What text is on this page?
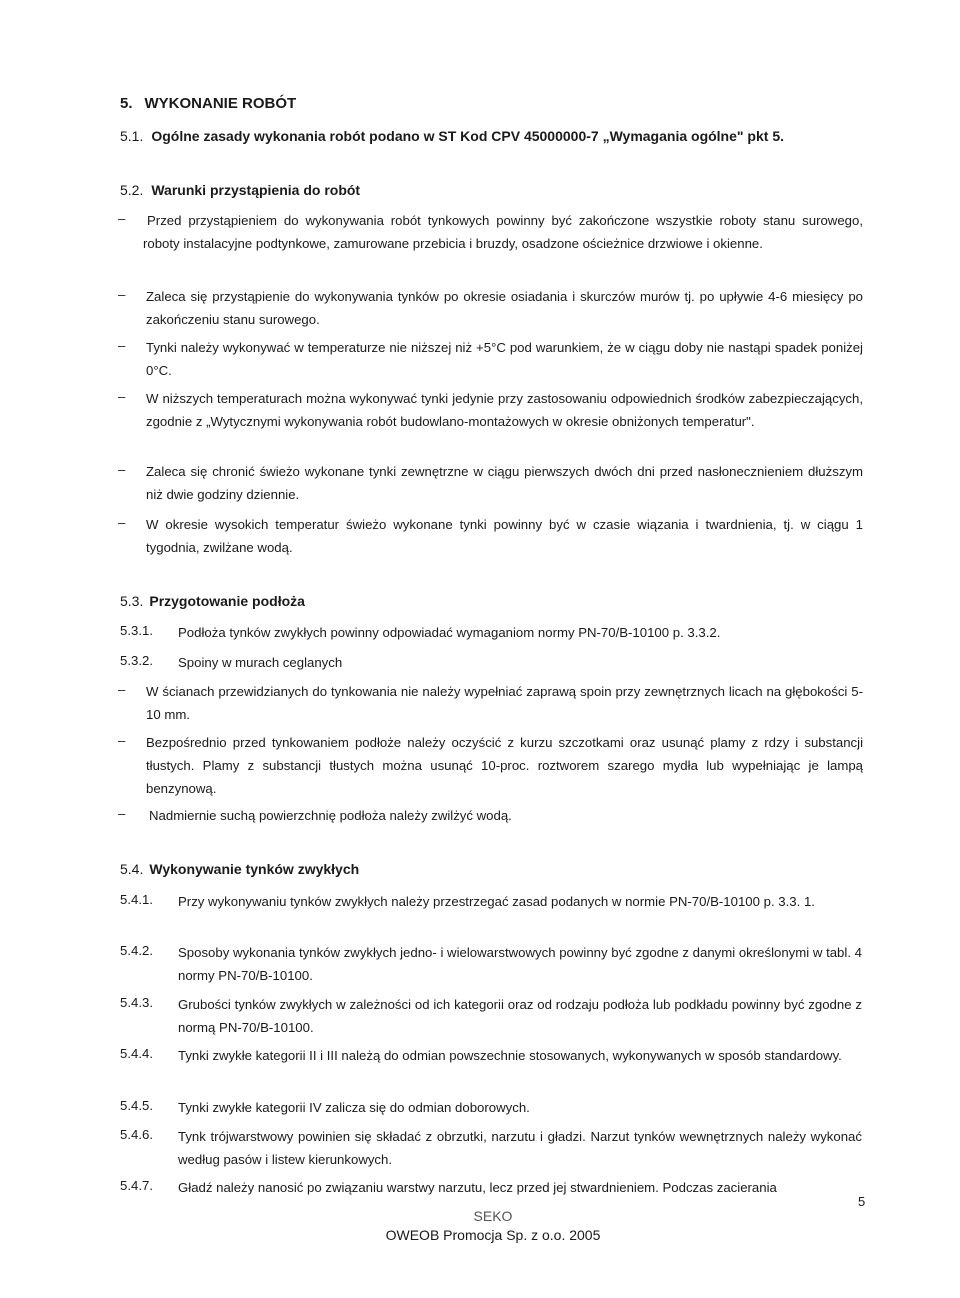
5. WYKONANIE ROBÓT
5.1. Ogólne zasady wykonania robót podano w ST Kod CPV 45000000-7 „Wymagania ogólne" pkt 5.
5.2. Warunki przystąpienia do robót
–	Przed przystąpieniem do wykonywania robót tynkowych powinny być zakończone wszystkie roboty stanu surowego, roboty instalacyjne podtynkowe, zamurowane przebicia i bruzdy, osadzone ościeżnice drzwiowe i okienne.
– Zaleca się przystąpienie do wykonywania tynków po okresie osiadania i skurczów murów tj. po upływie 4-6 miesięcy po zakończeniu stanu surowego.
– Tynki należy wykonywać w temperaturze nie niższej niż +5°C pod warunkiem, że w ciągu doby nie nastąpi spadek poniżej 0°C.
– W niższych temperaturach można wykonywać tynki jedynie przy zastosowaniu odpowiednich środków zabezpieczających, zgodnie z „Wytycznymi wykonywania robót budowlano-montażowych w okresie obniżonych temperatur".
– Zaleca się chronić świeżo wykonane tynki zewnętrzne w ciągu pierwszych dwóch dni przed nasłonecznieniem dłuższym niż dwie godziny dziennie.
– W okresie wysokich temperatur świeżo wykonane tynki powinny być w czasie wiązania i twardnienia, tj. w ciągu 1 tygodnia, zwilżane wodą.
5.3. Przygotowanie podłoża
5.3.1. Podłoża tynków zwykłych powinny odpowiadać wymaganiom normy PN-70/B-10100 p. 3.3.2.
5.3.2. Spoiny w murach ceglanych
– W ścianach przewidzianych do tynkowania nie należy wypełniać zaprawą spoin przy zewnętrznych licach na głębokości 5-10 mm.
– Bezpośrednio przed tynkowaniem podłoże należy oczyścić z kurzu szczotkami oraz usunąć plamy z rdzy i substancji tłustych. Plamy z substancji tłustych można usunąć 10-proc. roztworem szarego mydła lub wypełniając je lampą benzynową.
– Nadmiernie suchą powierzchnię podłoża należy zwilżyć wodą.
5.4. Wykonywanie tynków zwykłych
5.4.1. Przy wykonywaniu tynków zwykłych należy przestrzegać zasad podanych w normie PN-70/B-10100 p. 3.3. 1.
5.4.2. Sposoby wykonania tynków zwykłych jedno- i wielowarstwowych powinny być zgodne z danymi określonymi w tabl. 4 normy PN-70/B-10100.
5.4.3. Grubości tynków zwykłych w zależności od ich kategorii oraz od rodzaju podłoża lub podkładu powinny być zgodne z normą PN-70/B-10100.
5.4.4. Tynki zwykłe kategorii II i III należą do odmian powszechnie stosowanych, wykonywanych w sposób standardowy.
5.4.5. Tynki zwykłe kategorii IV zalicza się do odmian doborowych.
5.4.6. Tynk trójwarstwowy powinien się składać z obrzutki, narzutu i gładzi. Narzut tynków wewnętrznych należy wykonać według pasów i listew kierunkowych.
5.4.7. Gładź należy nanosić po związaniu warstwy narzutu, lecz przed jej stwardnieniem. Podczas zacierania
5
SEKO
OWEOB Promocja Sp. z o.o. 2005
